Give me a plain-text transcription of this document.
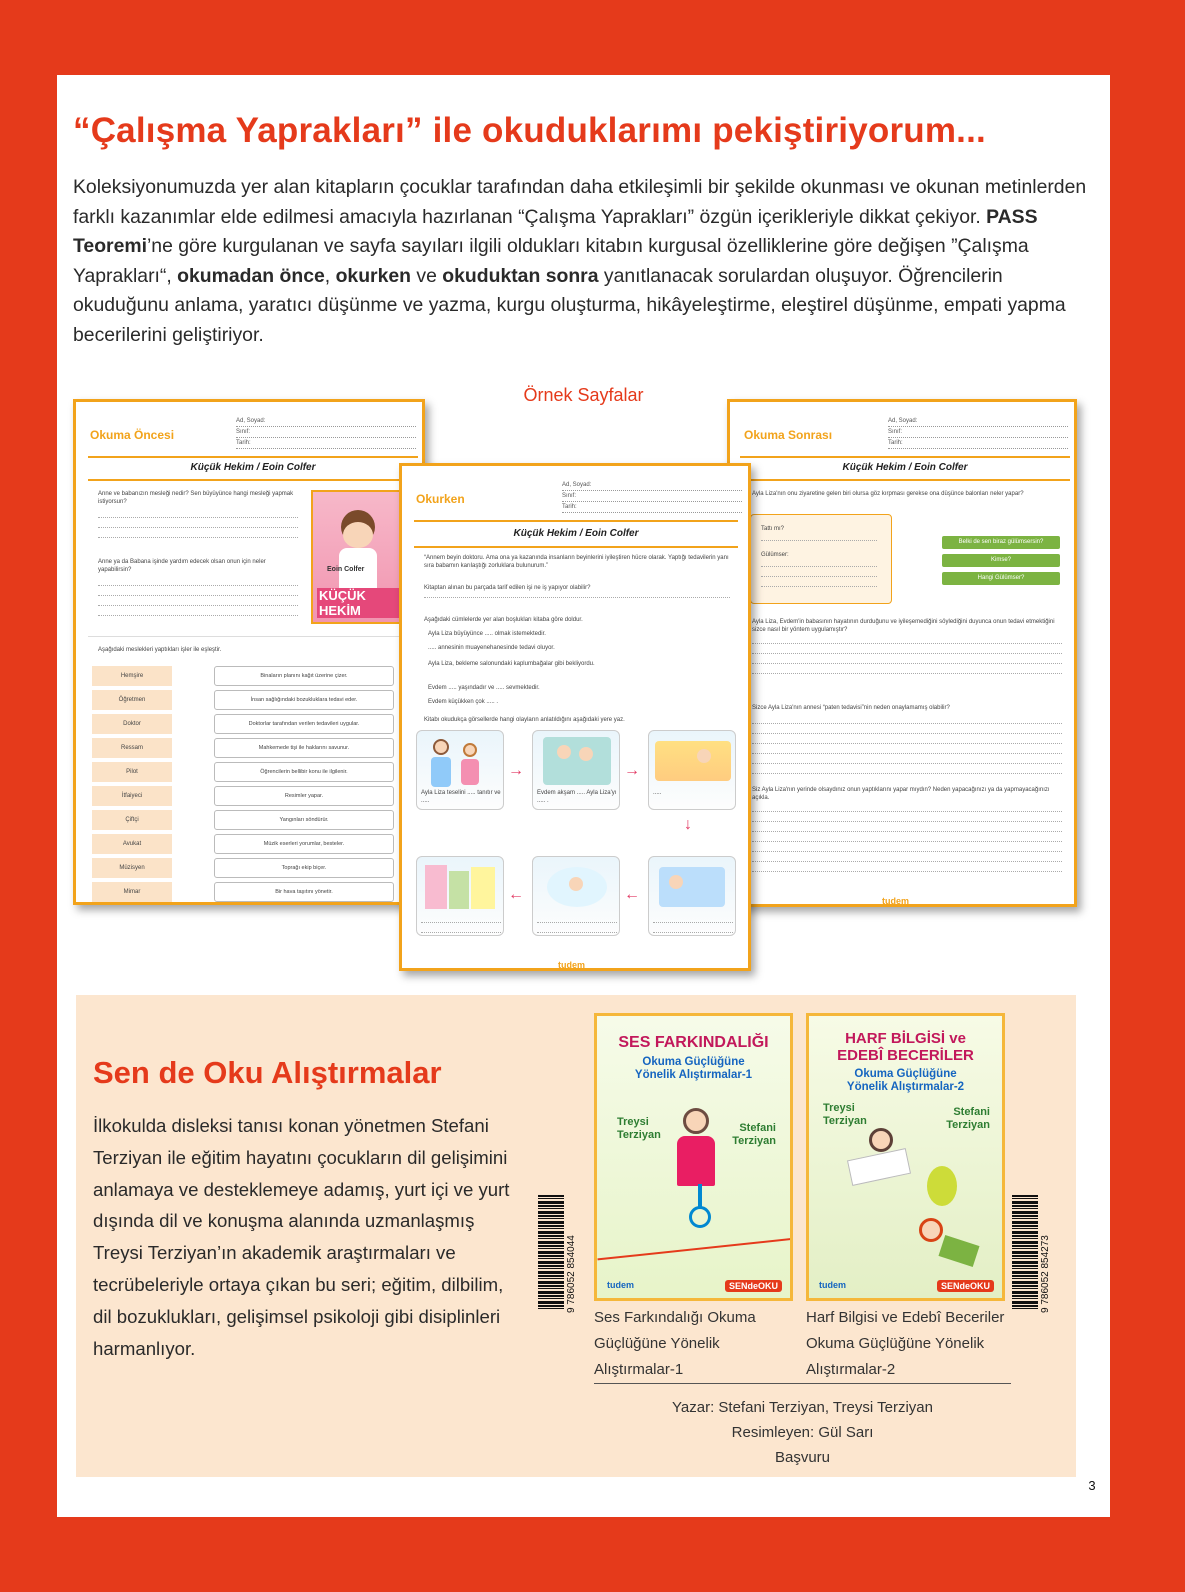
“Çalışma Yaprakları” ile okuduklarımı pekiştiriyorum...

Koleksiyonumuzda yer alan kitapların çocuklar tarafından daha etkileşimli bir şekilde okunması ve okunan metinlerden farklı kazanımlar elde edilmesi amacıyla hazırlanan “Çalışma Yaprakları” özgün içerikleriyle dikkat çekiyor. PASS Teoremi’ne göre kurgulanan ve sayfa sayıları ilgili oldukları kitabın kurgusal özelliklerine göre değişen ”Çalışma Yaprakları“, okumadan önce, okurken ve okuduktan sonra yanıtlanacak sorulardan oluşuyor. Öğrencilerin okuduğunu anlama, yaratıcı düşünme ve yazma, kurgu oluşturma, hikâyeleştirme, eleştirel düşünme, empati yapma becerilerini geliştiriyor.

Örnek Sayfalar
Okuma Öncesi
Ad, Soyad:
Sınıf:
Tarih:
Küçük Hekim / Eoin Colfer
Anne ve babanızın mesleği nedir? Sen büyüyünce hangi mesleği yapmak istiyorsun?
Anne ya da Babana işinde yardım edecek olsan onun için neler yapabilirsin?	Eoin Colfer
KÜÇÜK HEKİM
Aşağıdaki meslekleri yaptıkları işler ile eşleştir.
Hemşire
Öğretmen
Doktor
Ressam
Pilot
İtfaiyeci
Çiftçi
Avukat
Müzisyen
Mimar
Binaların planını kağıt üzerine çizer.
İnsan sağlığındaki bozukluklara tedavi eder.
Doktorlar tarafından verilen tedavileri uygular.
Mahkemede tişi ile haklarını savunur.
Öğrencilerin bellibir konu ile ilgilenir.
Resimler yapar.
Yangınları söndürür.
Müzik eserleri yorumlar, besteler.
Toprağı ekip biçer.
Bir hava taşıtını yönetir.
Okuma Sonrası
Ad, Soyad:
Sınıf:
Tarih:
Küçük Hekim / Eoin Colfer
Ayla Liza'nın onu ziyaretine gelen biri olursa göz kırpması gerekse ona düşünce balonları neler yapar?
Tattı mı?
Gülümser:
Belki de sen biraz gülümsersin?
Kimse?
Hangi Gülümser?
Ayla Liza, Evdem'in babasının hayatının durduğunu ve iyileşemediğini söylediğini duyunca onun tedavi etmektiğini sizce nasıl bir yöntem uygulamıştır?
Sizce Ayla Liza'nın annesi “paten tedavisi”nin neden onaylamamış olabilir?
Siz Ayla Liza'nın yerinde olsaydınız onun yaptıklarını yapar mıydın? Neden yapacağınızı ya da yapmayacağınızı açıkla.
tudem
Okurken
Ad, Soyad:
Sınıf:
Tarih:
Küçük Hekim / Eoin Colfer
“Annem beyin doktoru. Ama ona ya kazanında insanların beyinlerini iyileştiren hücre olarak. Yaptığı tedavilerin yanı sıra babamın karılaştığı zorluklara bulunurum.”
Kitaptan alınan bu parçada tarif edilen işi ne iş yapıyor olabilir?
Aşağıdaki cümlelerde yer alan boşlukları kitaba göre doldur.
Ayla Liza büyüyünce ..... olmak istemektedir.
..... annesinin muayenehanesinde tedavi oluyor.
Ayla Liza, bekleme salonundaki kaplumbağalar gibi bekliyordu.
Evdem ..... yaşındadır ve ..... sevmektedir.
Evdem küçükken çok ..... .
Kitabı okudukça görsellerde hangi olayların anlatıldığını aşağıdaki yere yaz.
Ayla Liza teselini ..... tanıtır ve .....
→
Evdem akşam ..... Ayla Liza'yı ..... .
→
.....
↓
←
←
tudem
Sen de Oku Alıştırmalar

İlkokulda disleksi tanısı konan yönetmen Stefani Terziyan ile eğitim hayatını çocukların dil gelişimini anlamaya ve desteklemeye adamış, yurt içi ve yurt dışında dil ve konuşma alanında uzmanlaşmış Treysi Terziyan’ın akademik araştırmaları ve tecrübeleriyle ortaya çıkan bu seri; eğitim, dilbilim, dil bozuklukları, gelişimsel psikoloji gibi disiplinleri harmanlıyor.

SES FARKINDALIĞI
Okuma Güçlüğüne Yönelik Alıştırmalar-1
Treysi Terziyan
Stefani Terziyan
tudem	SENdeOKU
9 786052 854044
HARF BİLGİSİ ve EDEBÎ BECERİLER
Okuma Güçlüğüne Yönelik Alıştırmalar-2
Treysi Terziyan
Stefani Terziyan
tudem	SENdeOKU	9 786052 854273
Ses Farkındalığı Okuma Güçlüğüne Yönelik Alıştırmalar-1
Harf Bilgisi ve Edebî Beceriler Okuma Güçlüğüne Yönelik Alıştırmalar-2
Yazar: Stefani Terziyan, Treysi Terziyan
Resimleyen: Gül Sarı
Başvuru
3
